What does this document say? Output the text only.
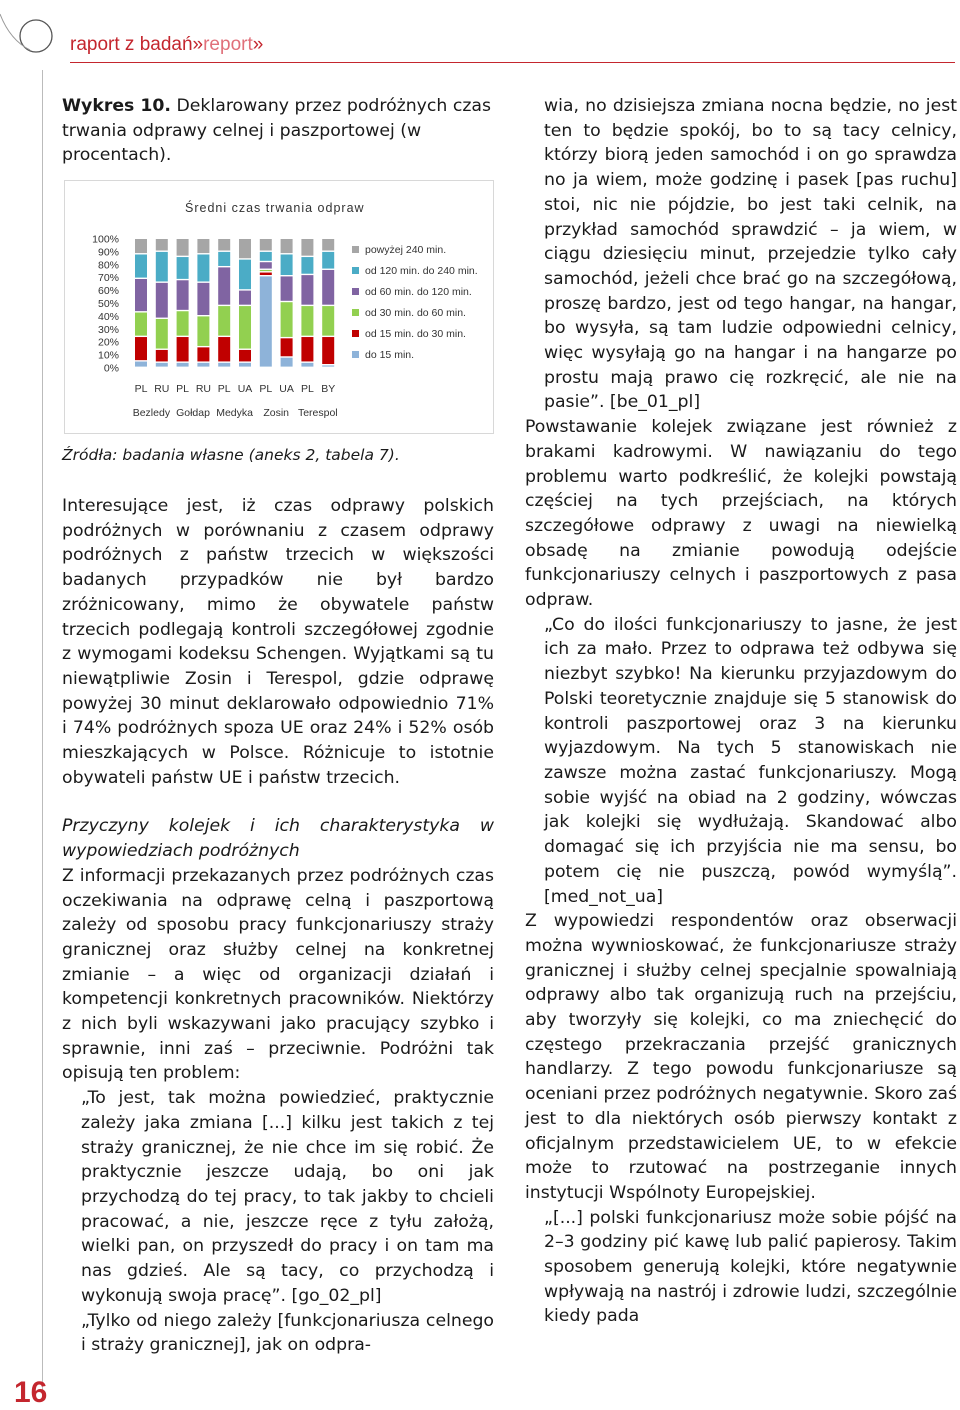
raport z badań»report»
16
Wykres 10. Deklarowany przez podróżnych czas trwania odprawy celnej i paszportowej (w procentach).
Średni czas trwania odpraw
0%
10%
20%
30%
40%
50%
60%
70%
80%
90%
100%
PL RU PL RU PL UA PL UA PL BY
Bezledy Gołdap Medyka Zosin Terespol
powyżej 240 min.
od 120 min. do 240 min.
od 60 min. do 120 min.
od 30 min. do 60 min.
od 15 min. do 30 min.
do 15 min.
Źródła: badania własne (aneks 2, tabela 7).

Interesujące jest, iż czas odprawy polskich podróżnych w porównaniu z czasem odprawy podróżnych z państw trzecich w większości badanych przypadków nie był bardzo zróżnicowany, mimo że obywatele państw trzecich podlegają kontroli szczegółowej zgodnie z wymogami kodeksu Schengen. Wyjątkami są tu niewątpliwie Zosin i Terespol, gdzie odprawę powyżej 30 minut deklarowało odpowiednio 71% i 74% podróżnych spoza UE oraz 24% i 52% osób mieszkających w Polsce. Różnicuje to istotnie obywateli państw UE i państw trzecich.

Przyczyny kolejek i ich charakterystyka w wypowiedziach podróżnych

Z informacji przekazanych przez podróżnych czas oczekiwania na odprawę celną i paszportową zależy od sposobu pracy funkcjonariuszy straży granicznej oraz służby celnej na konkretnej zmianie – a więc od organizacji działań i kompetencji konkretnych pracowników. Niektórzy z nich byli wskazywani jako pracujący szybko i sprawnie, inni zaś – przeciwnie. Podróżni tak opisują ten problem:

„To jest, tak można powiedzieć, praktycznie zależy jaka zmiana [...] kilku jest takich z tej straży granicznej, że nie chce im się robić. Że praktycznie jeszcze udają, bo oni jak przychodzą do tej pracy, to tak jakby to chcieli pracować, a nie, jeszcze ręce z tyłu założą, wielki pan, on przyszedł do pracy i on tam ma nas gdzieś. Ale są tacy, co przychodzą i wykonują swoja pracę”. [go_02_pl]

„Tylko od niego zależy [funkcjonariusza celnego i straży granicznej], jak on odpra-

wia, no dzisiejsza zmiana nocna będzie, no jest ten to będzie spokój, bo to są tacy celnicy, którzy biorą jeden samochód i on go sprawdza no ja wiem, może godzinę i pasek [pas ruchu] stoi, nic nie pójdzie, bo jest taki celnik, na przykład samochód sprawdzić – ja wiem, w ciągu dziesięciu minut, przejedzie tylko cały samochód, jeżeli chce brać go na szczegółową, proszę bardzo, jest od tego hangar, na hangar, bo wysyła, są tam ludzie odpowiedni celnicy, więc wysyłają go na hangar i na hangarze po prostu mają prawo cię rozkręcić, ale nie na pasie”. [be_01_pl]

Powstawanie kolejek związane jest również z brakami kadrowymi. W nawiązaniu do tego problemu warto podkreślić, że kolejki powstają częściej na tych przejściach, na których szczegółowe odprawy z uwagi na niewielką obsadę na zmianie powodują odejście funkcjonariuszy celnych i paszportowych z pasa odpraw.

„Co do ilości funkcjonariuszy to jasne, że jest ich za mało. Przez to odprawa też odbywa się niezbyt szybko! Na kierunku przyjazdowym do Polski teoretycznie znajduje się 5 stanowisk do kontroli paszportowej oraz 3 na kierunku wyjazdowym. Na tych 5 stanowiskach nie zawsze można zastać funkcjonariuszy. Mogą sobie wyjść na obiad na 2 godziny, wówczas jak kolejki się wydłużają. Skandować albo domagać się ich przyjścia nie ma sensu, bo potem cię nie puszczą, powód wymyślą”. [med_not_ua]

Z wypowiedzi respondentów oraz obserwacji można wywnioskować, że funkcjonariusze straży granicznej i służby celnej specjalnie spowalniają odprawy albo tak organizują ruch na przejściu, aby tworzyły się kolejki, co ma zniechęcić do częstego przekraczania przejść granicznych handlarzy. Z tego powodu funkcjonariusze są oceniani przez podróżnych negatywnie. Skoro zaś jest to dla niektórych osób pierwszy kontakt z oficjalnym przedstawicielem UE, to w efekcie może to rzutować na postrzeganie innych instytucji Wspólnoty Europejskiej.

„[...] polski funkcjonariusz może sobie pójść na 2–3 godziny pić kawę lub palić papierosy. Takim sposobem generują kolejki, które negatywnie wpływają na nastrój i zdrowie ludzi, szczególnie kiedy pada
